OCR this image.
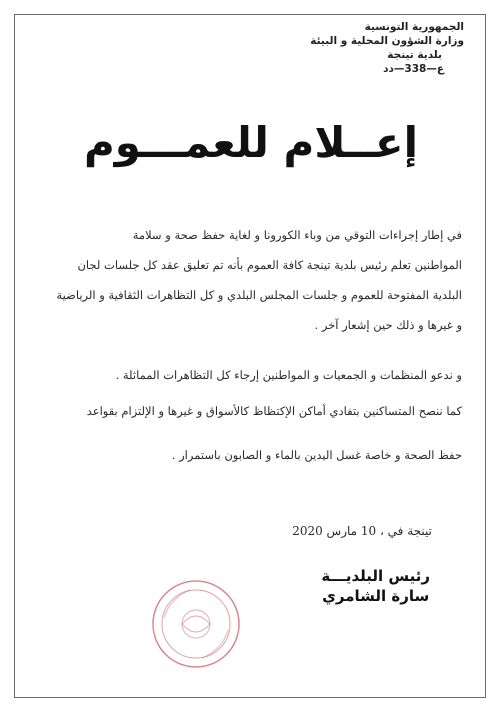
الجمهورية التونسية
وزارة الشؤون المحلية و البيئة
بلدية تينجة
ع—338—دد
إعــلام للعمـــوم
في إطار إجراءات التوقي من وباء الكورونا و لغاية حفظ صحة و سلامة
المواطنين تعلم رئيس بلدية تينجة كافة العموم بأنه تم تعليق عقد كل جلسات لجان
البلدية المفتوحة للعموم و جلسات المجلس البلدي و كل التظاهرات الثقافية و الرياضية
و غيرها و ذلك حين إشعار آخر .
و ندعو المنظمات و الجمعيات و المواطنين إرجاء كل التظاهرات المماثلة .
كما ننصح المتساكنين بتفادي أماكن الإكتظاظ كالأسواق و غيرها و الإلتزام بقواعد
حفظ الصحة و خاصة غسل اليدين بالماء و الصابون باستمرار .
تينجة في ، 10 مارس 2020
رئيس البلديـــة
سارة الشامري
